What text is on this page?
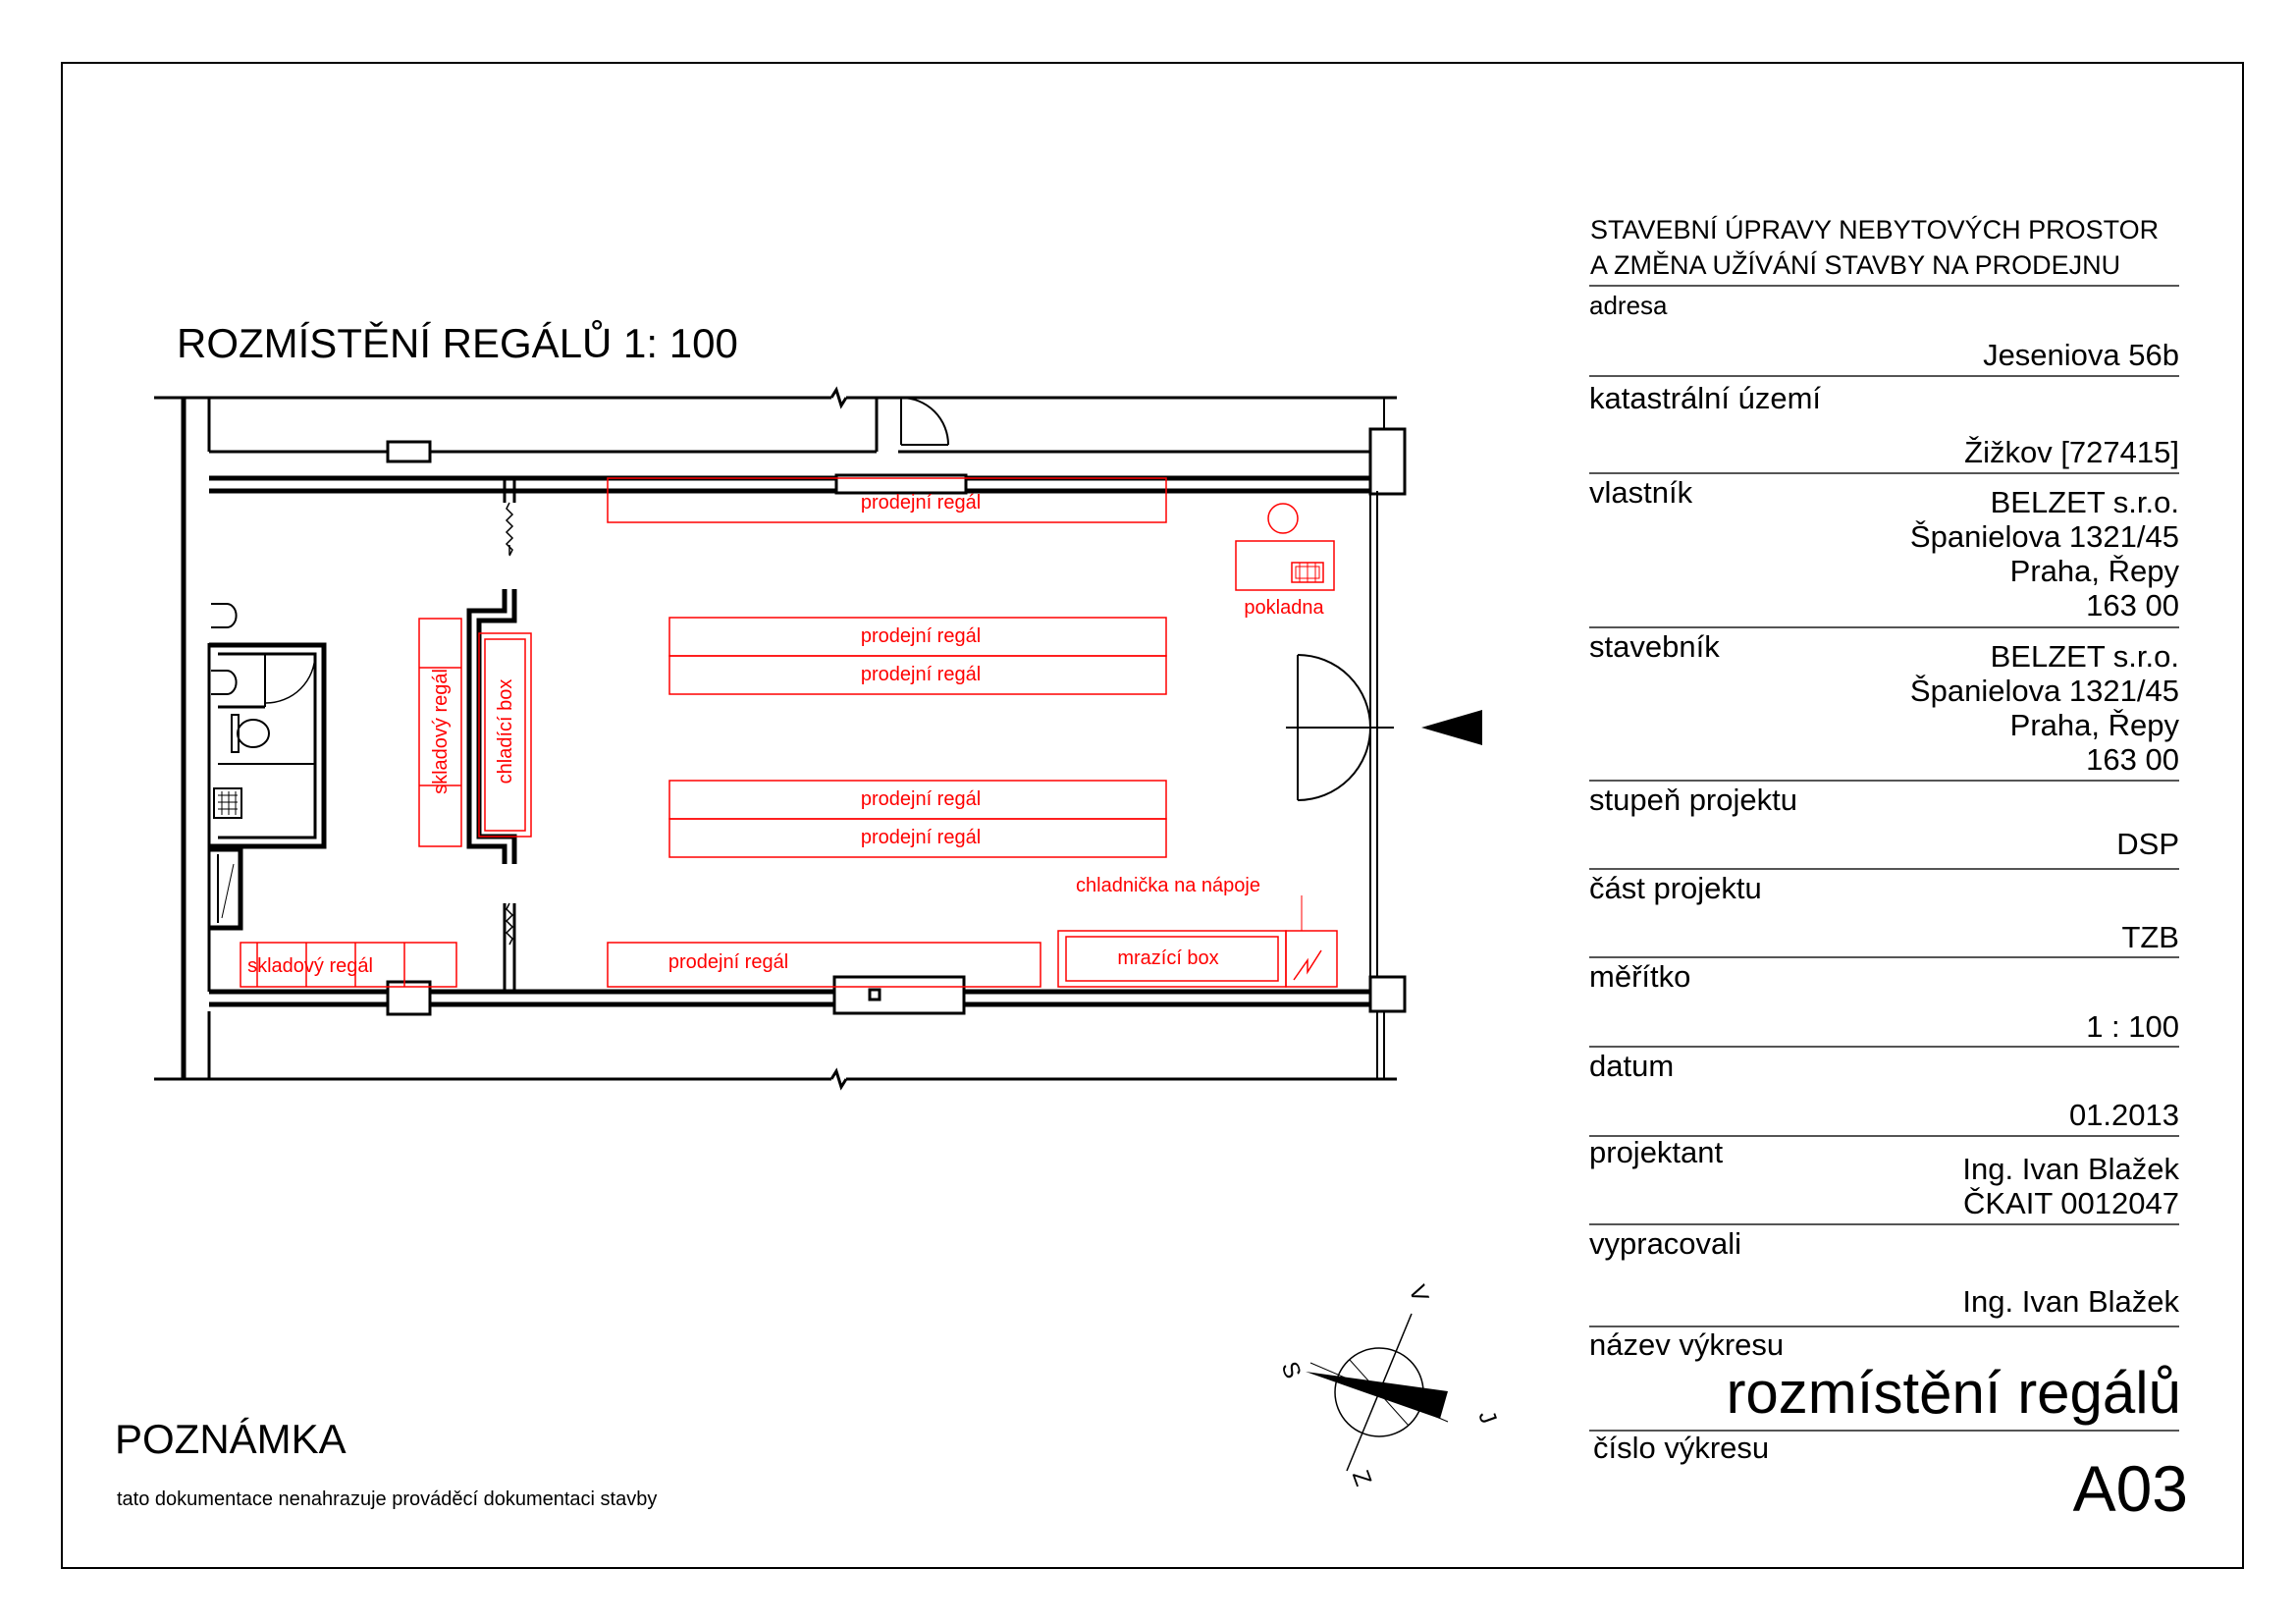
ROZMÍSTĚNÍ REGÁLŮ 1: 100
prodejní regál
prodejní regál
prodejní regál
prodejní regál
prodejní regál
prodejní regál
pokladna
skladový regál
chladnička na nápoje
mrazící box
skladový regál chladící box
S
V
J
Z
POZNÁMKA
tato dokumentace nenahrazuje prováděcí dokumentaci stavby
STAVEBNÍ ÚPRAVY NEBYTOVÝCH PROSTOR
A ZMĚNA UŽÍVÁNÍ STAVBY NA PRODEJNU
adresa
Jeseniova 56b
katastrální území
Žižkov [727415]
vlastník	BELZET s.r.o.
Španielova 1321/45
Praha, Řepy
163 00
stavebník	BELZET s.r.o.
Španielova 1321/45
Praha, Řepy
163 00
stupeň projektu
DSP
část projektu
TZB
měřítko
1 : 100
datum
01.2013
projektant	Ing. Ivan Blažek
ČKAIT 0012047
vypracovali
Ing. Ivan Blažek
název výkresu
rozmístění regálů
číslo výkresu
A03
